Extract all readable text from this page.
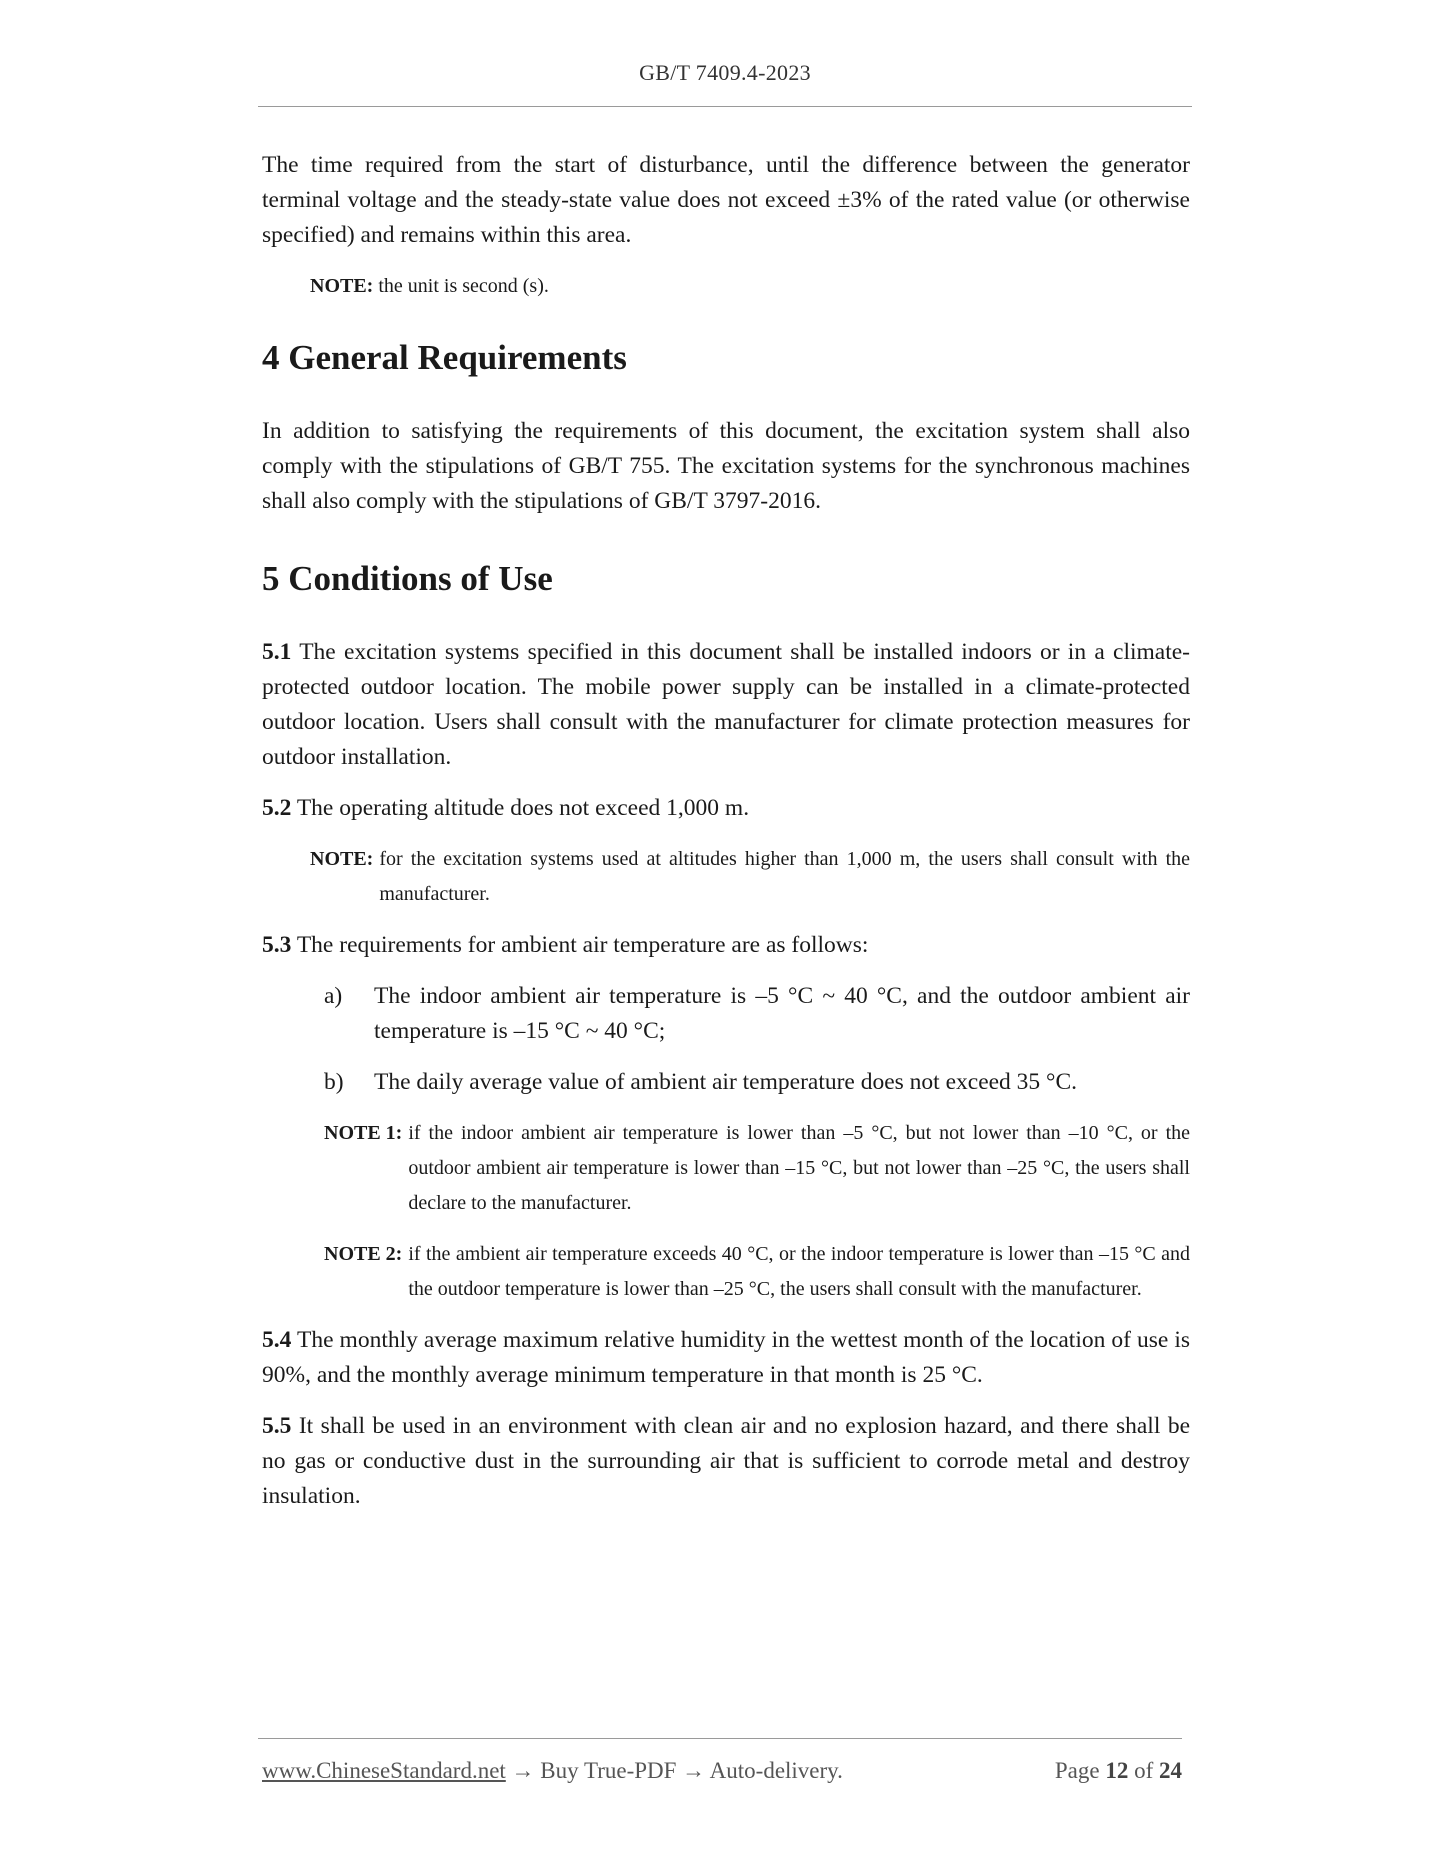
GB/T 7409.4-2023

The time required from the start of disturbance, until the difference between the generator terminal voltage and the steady-state value does not exceed ±3% of the rated value (or otherwise specified) and remains within this area.

NOTE: the unit is second (s).

4 General Requirements

In addition to satisfying the requirements of this document, the excitation system shall also comply with the stipulations of GB/T 755. The excitation systems for the synchronous machines shall also comply with the stipulations of GB/T 3797-2016.

5 Conditions of Use

5.1 The excitation systems specified in this document shall be installed indoors or in a climate-protected outdoor location. The mobile power supply can be installed in a climate-protected outdoor location. Users shall consult with the manufacturer for climate protection measures for outdoor installation.

5.2 The operating altitude does not exceed 1,000 m.

NOTE: for the excitation systems used at altitudes higher than 1,000 m, the users shall consult with the manufacturer.

5.3 The requirements for ambient air temperature are as follows:

a)	The indoor ambient air temperature is –5 °C ~ 40 °C, and the outdoor ambient air temperature is –15 °C ~ 40 °C;
b)	The daily average value of ambient air temperature does not exceed 35 °C.
NOTE 1: if the indoor ambient air temperature is lower than –5 °C, but not lower than –10 °C, or the outdoor ambient air temperature is lower than –15 °C, but not lower than –25 °C, the users shall declare to the manufacturer.
NOTE 2: if the ambient air temperature exceeds 40 °C, or the indoor temperature is lower than –15 °C and the outdoor temperature is lower than –25 °C, the users shall consult with the manufacturer.

5.4 The monthly average maximum relative humidity in the wettest month of the location of use is 90%, and the monthly average minimum temperature in that month is 25 °C.

5.5 It shall be used in an environment with clean air and no explosion hazard, and there shall be no gas or conductive dust in the surrounding air that is sufficient to corrode metal and destroy insulation.

www.ChineseStandard.net → Buy True-PDF → Auto-delivery.	Page 12 of 24
